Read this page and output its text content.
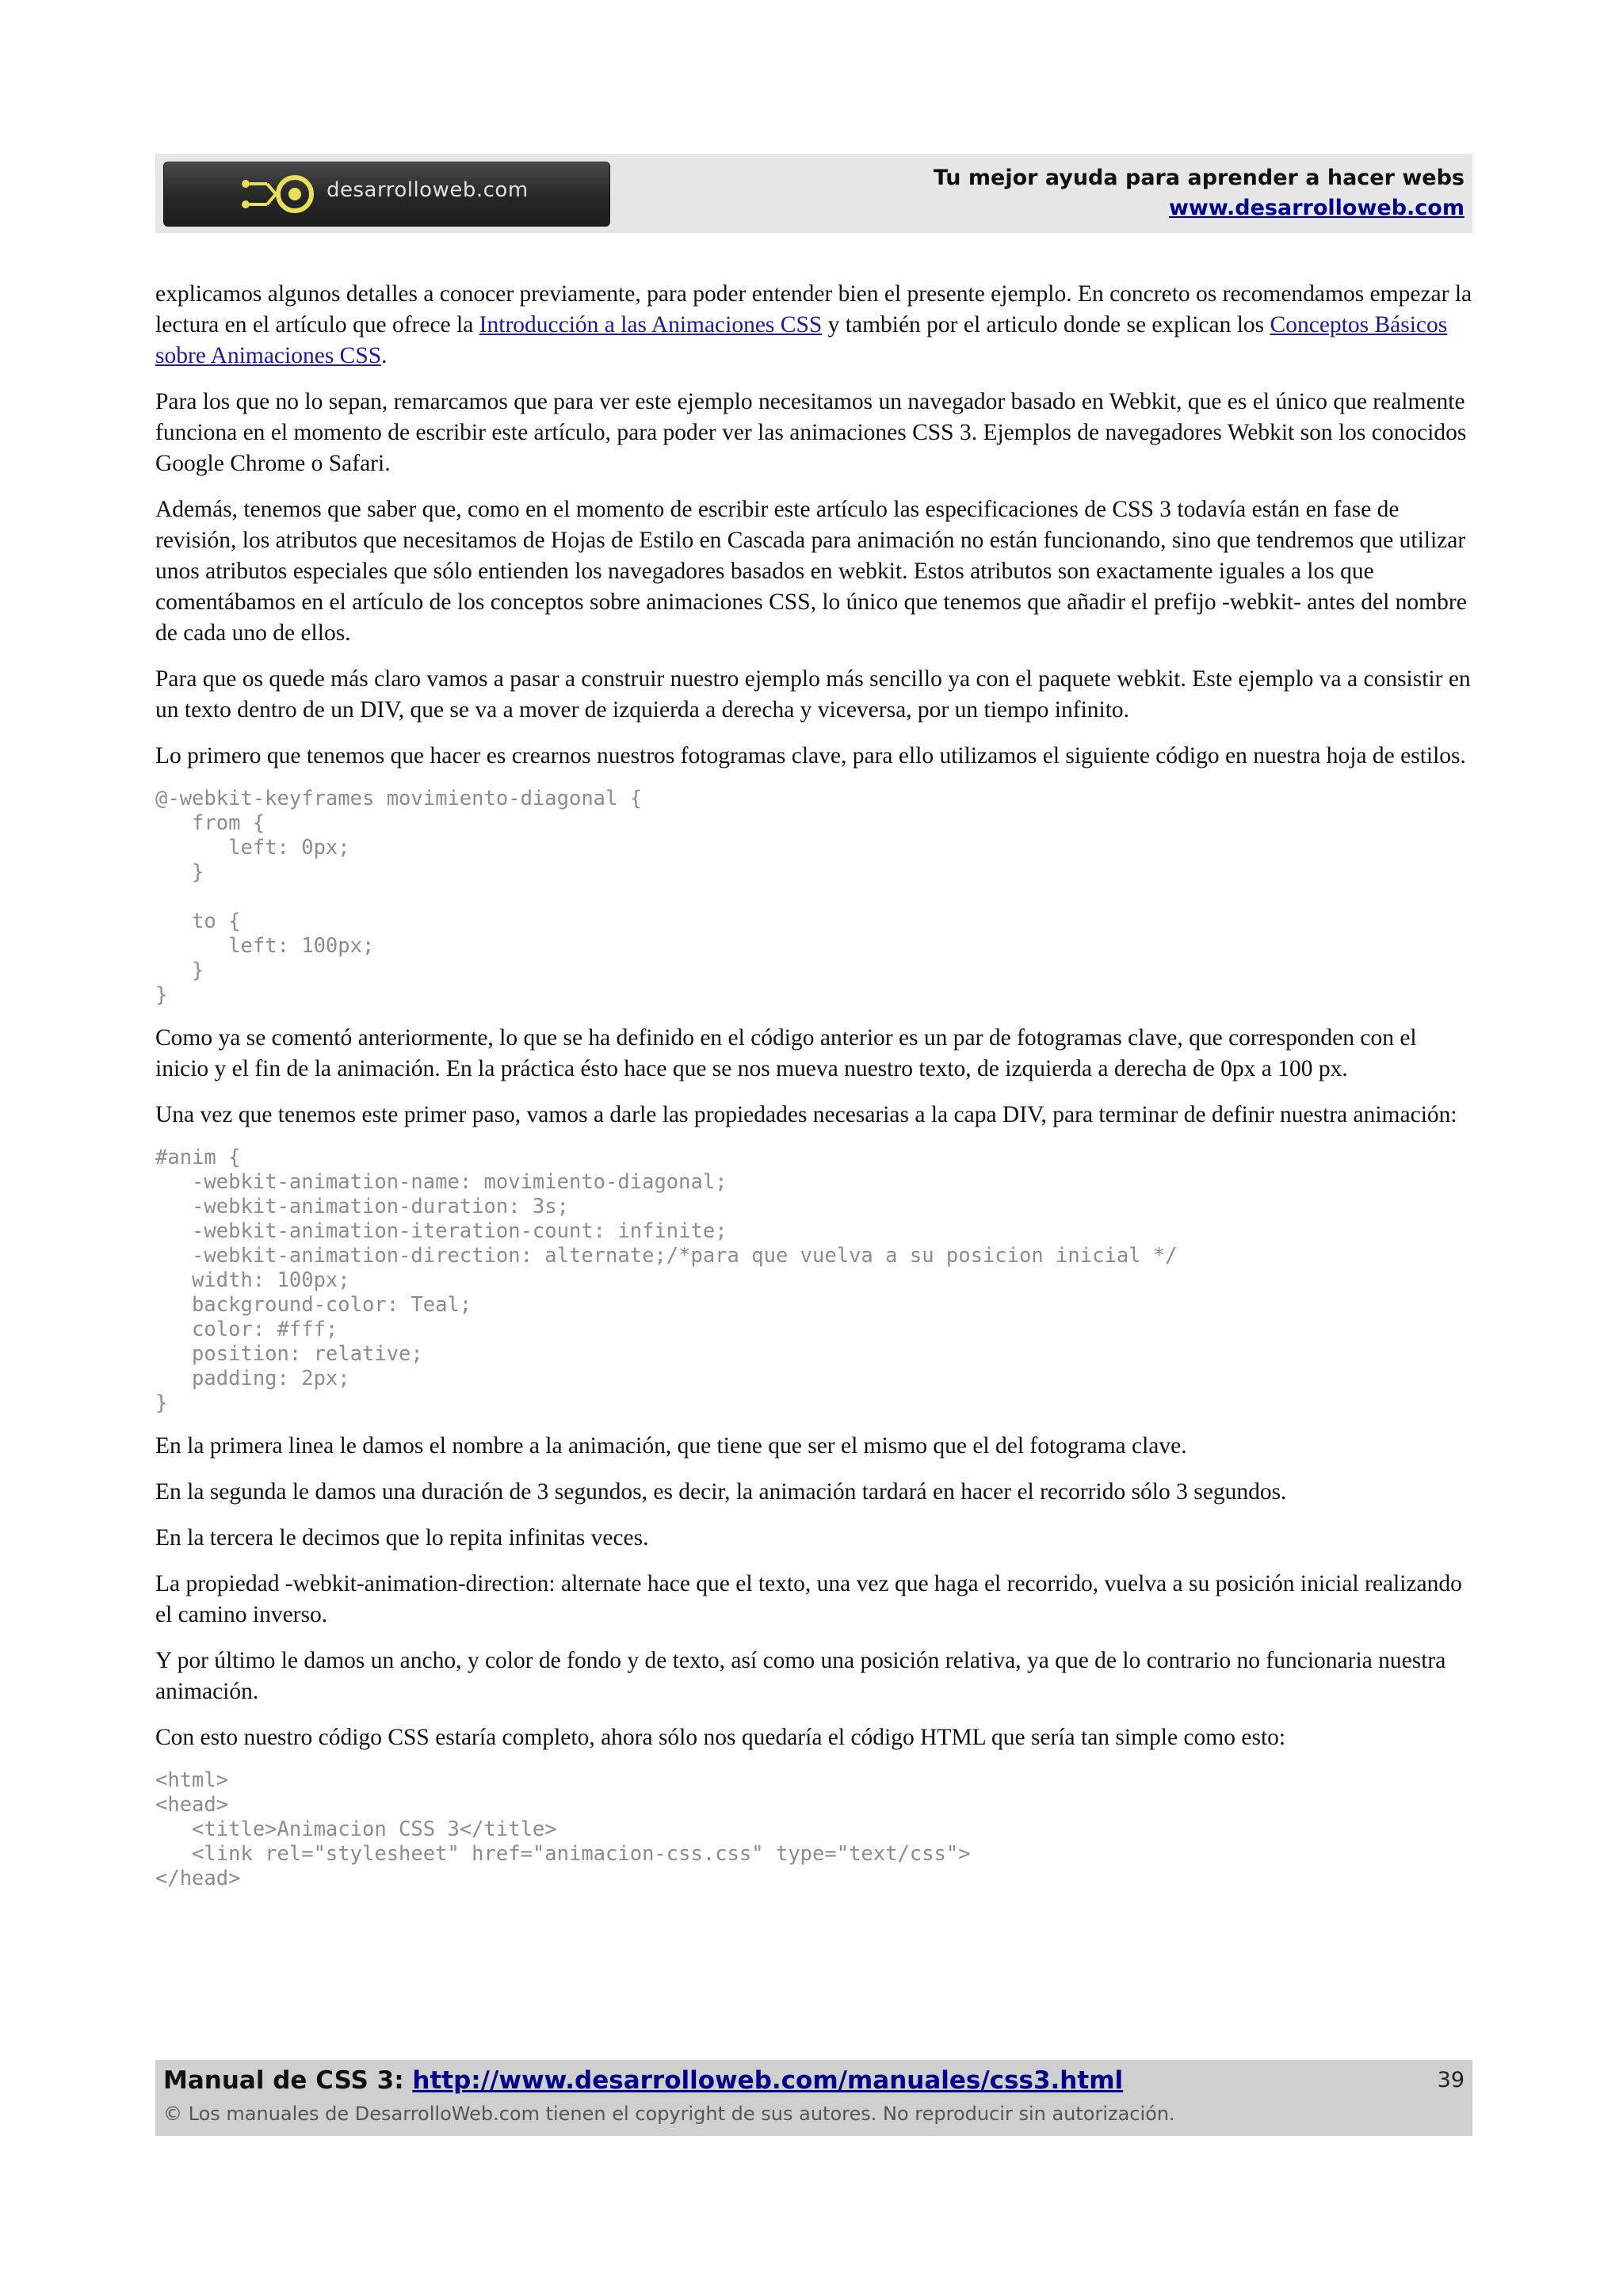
desarrolloweb.com	Tu mejor ayuda para aprender a hacer webs
www.desarrolloweb.com

explicamos algunos detalles a conocer previamente, para poder entender bien el presente ejemplo. En concreto os recomendamos empezar la lectura en el artículo que ofrece la Introducción a las Animaciones CSS y también por el articulo donde se explican los Conceptos Básicos sobre Animaciones CSS.

Para los que no lo sepan, remarcamos que para ver este ejemplo necesitamos un navegador basado en Webkit, que es el único que realmente funciona en el momento de escribir este artículo, para poder ver las animaciones CSS 3. Ejemplos de navegadores Webkit son los conocidos Google Chrome o Safari.

Además, tenemos que saber que, como en el momento de escribir este artículo las especificaciones de CSS 3 todavía están en fase de revisión, los atributos que necesitamos de Hojas de Estilo en Cascada para animación no están funcionando, sino que tendremos que utilizar unos atributos especiales que sólo entienden los navegadores basados en webkit. Estos atributos son exactamente iguales a los que comentábamos en el artículo de los conceptos sobre animaciones CSS, lo único que tenemos que añadir el prefijo -webkit- antes del nombre de cada uno de ellos.

Para que os quede más claro vamos a pasar a construir nuestro ejemplo más sencillo ya con el paquete webkit. Este ejemplo va a consistir en un texto dentro de un DIV, que se va a mover de izquierda a derecha y viceversa, por un tiempo infinito.

Lo primero que tenemos que hacer es crearnos nuestros fotogramas clave, para ello utilizamos el siguiente código en nuestra hoja de estilos.

@-webkit-keyframes movimiento-diagonal {
from {
left: 0px;
}

to {
left: 100px;
}
}

Como ya se comentó anteriormente, lo que se ha definido en el código anterior es un par de fotogramas clave, que corresponden con el inicio y el fin de la animación. En la práctica ésto hace que se nos mueva nuestro texto, de izquierda a derecha de 0px a 100 px.

Una vez que tenemos este primer paso, vamos a darle las propiedades necesarias a la capa DIV, para terminar de definir nuestra animación:

#anim {
-webkit-animation-name: movimiento-diagonal;
-webkit-animation-duration: 3s;
-webkit-animation-iteration-count: infinite;
-webkit-animation-direction: alternate;/*para que vuelva a su posicion inicial */
width: 100px;
background-color: Teal;
color: #fff;
position: relative;
padding: 2px;
}

En la primera linea le damos el nombre a la animación, que tiene que ser el mismo que el del fotograma clave.

En la segunda le damos una duración de 3 segundos, es decir, la animación tardará en hacer el recorrido sólo 3 segundos.

En la tercera le decimos que lo repita infinitas veces.

La propiedad -webkit-animation-direction: alternate hace que el texto, una vez que haga el recorrido, vuelva a su posición inicial realizando el camino inverso.

Y por último le damos un ancho, y color de fondo y de texto, así como una posición relativa, ya que de lo contrario no funcionaria nuestra animación.

Con esto nuestro código CSS estaría completo, ahora sólo nos quedaría el código HTML que sería tan simple como esto:

<html>
<head>
<title>Animacion CSS 3</title>
<link rel="stylesheet" href="animacion-css.css" type="text/css">
</head>
Manual de CSS 3: http://www.desarrolloweb.com/manuales/css3.html
© Los manuales de DesarrolloWeb.com tienen el copyright de sus autores. No reproducir sin autorización.
39
